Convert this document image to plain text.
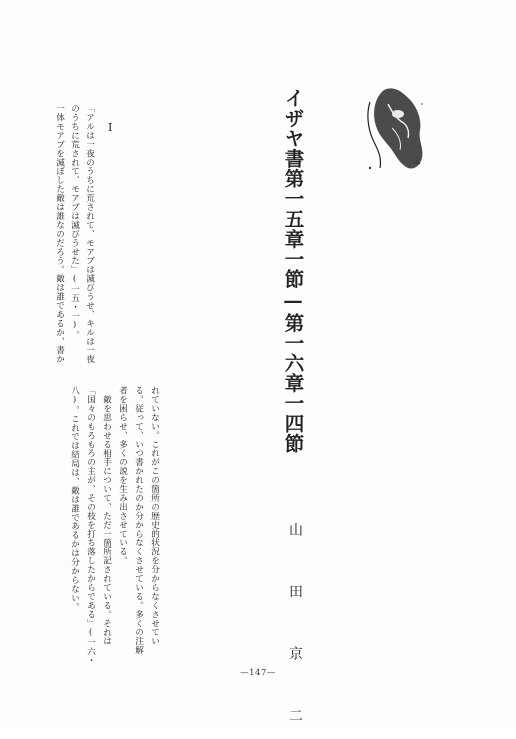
イザヤ書第一五章一節—第一六章一四節
山　田　京　二
I
「アルは一夜のうちに荒されて、モアブは滅びうせ、キルは一夜
のうちに荒されて、モアブは滅びうせた」(一五・一)。
一体モアブを滅ぼした敵は誰なのだろう。敵は誰であるか、書か
れていない。これがこの箇所の歴史的状況を分からなくさせてい
る。従って、いつ書かれたのか分からなくさせている。多くの注解
者を困らせ、多くの説を生み出させている。
敵を思わせる相手について、ただ一箇所記されている。それは
「国々のもろもろの主が、その枝を打ち落したからである」(一六・
八)。これでは結局は、敵は誰であるかは分からない。
—147—
